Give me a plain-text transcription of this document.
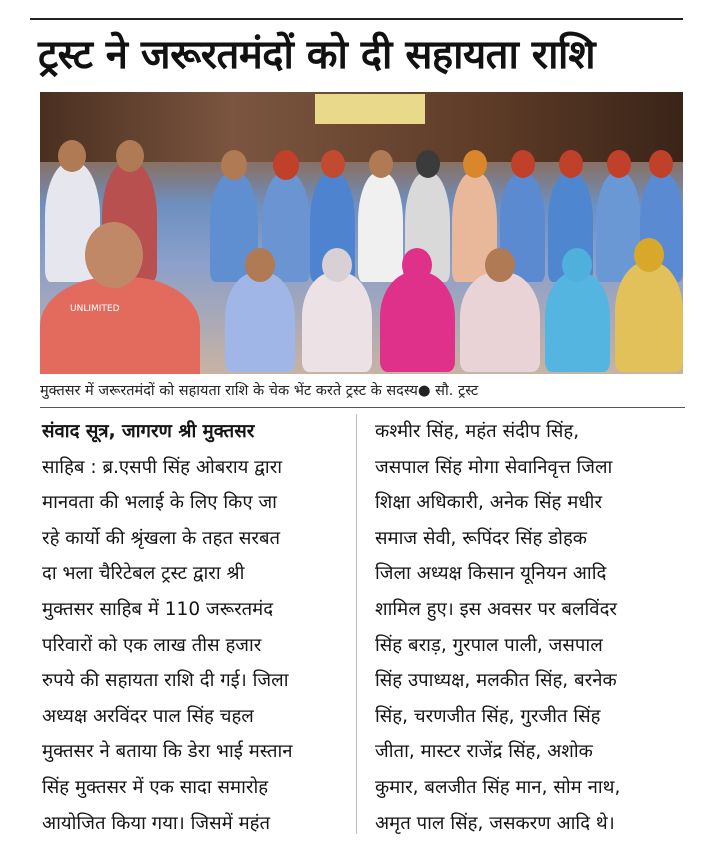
ट्रस्ट ने जरूरतमंदों को दी सहायता राशि
UNLIMITED
मुक्तसर में जरूरतमंदों को सहायता राशि के चेक भेंट करते ट्रस्ट के सदस्य● सौ. ट्रस्ट

संवाद सूत्र, जागरण श्री मुक्तसर

साहिब : ब्र.एसपी सिंह ओबराय द्वारा

मानवता की भलाई के लिए किए जा

रहे कार्यो की श्रृंखला के तहत सरबत

दा भला चैरिटेबल ट्रस्ट द्वारा श्री

मुक्तसर साहिब में 110 जरूरतमंद

परिवारों को एक लाख तीस हजार

रुपये की सहायता राशि दी गई। जिला

अध्यक्ष अरविंदर पाल सिंह चहल

मुक्तसर ने बताया कि डेरा भाई मस्तान

सिंह मुक्तसर में एक सादा समारोह

आयोजित किया गया। जिसमें महंत

कश्मीर सिंह, महंत संदीप सिंह,

जसपाल सिंह मोगा सेवानिवृत्त जिला

शिक्षा अधिकारी, अनेक सिंह मधीर

समाज सेवी, रूपिंदर सिंह डोहक

जिला अध्यक्ष किसान यूनियन आदि

शामिल हुए। इस अवसर पर बलविंदर

सिंह बराड़, गुरपाल पाली, जसपाल

सिंह उपाध्यक्ष, मलकीत सिंह, बरनेक

सिंह, चरणजीत सिंह, गुरजीत सिंह

जीता, मास्टर राजेंद्र सिंह, अशोक

कुमार, बलजीत सिंह मान, सोम नाथ,

अमृत पाल सिंह, जसकरण आदि थे।
